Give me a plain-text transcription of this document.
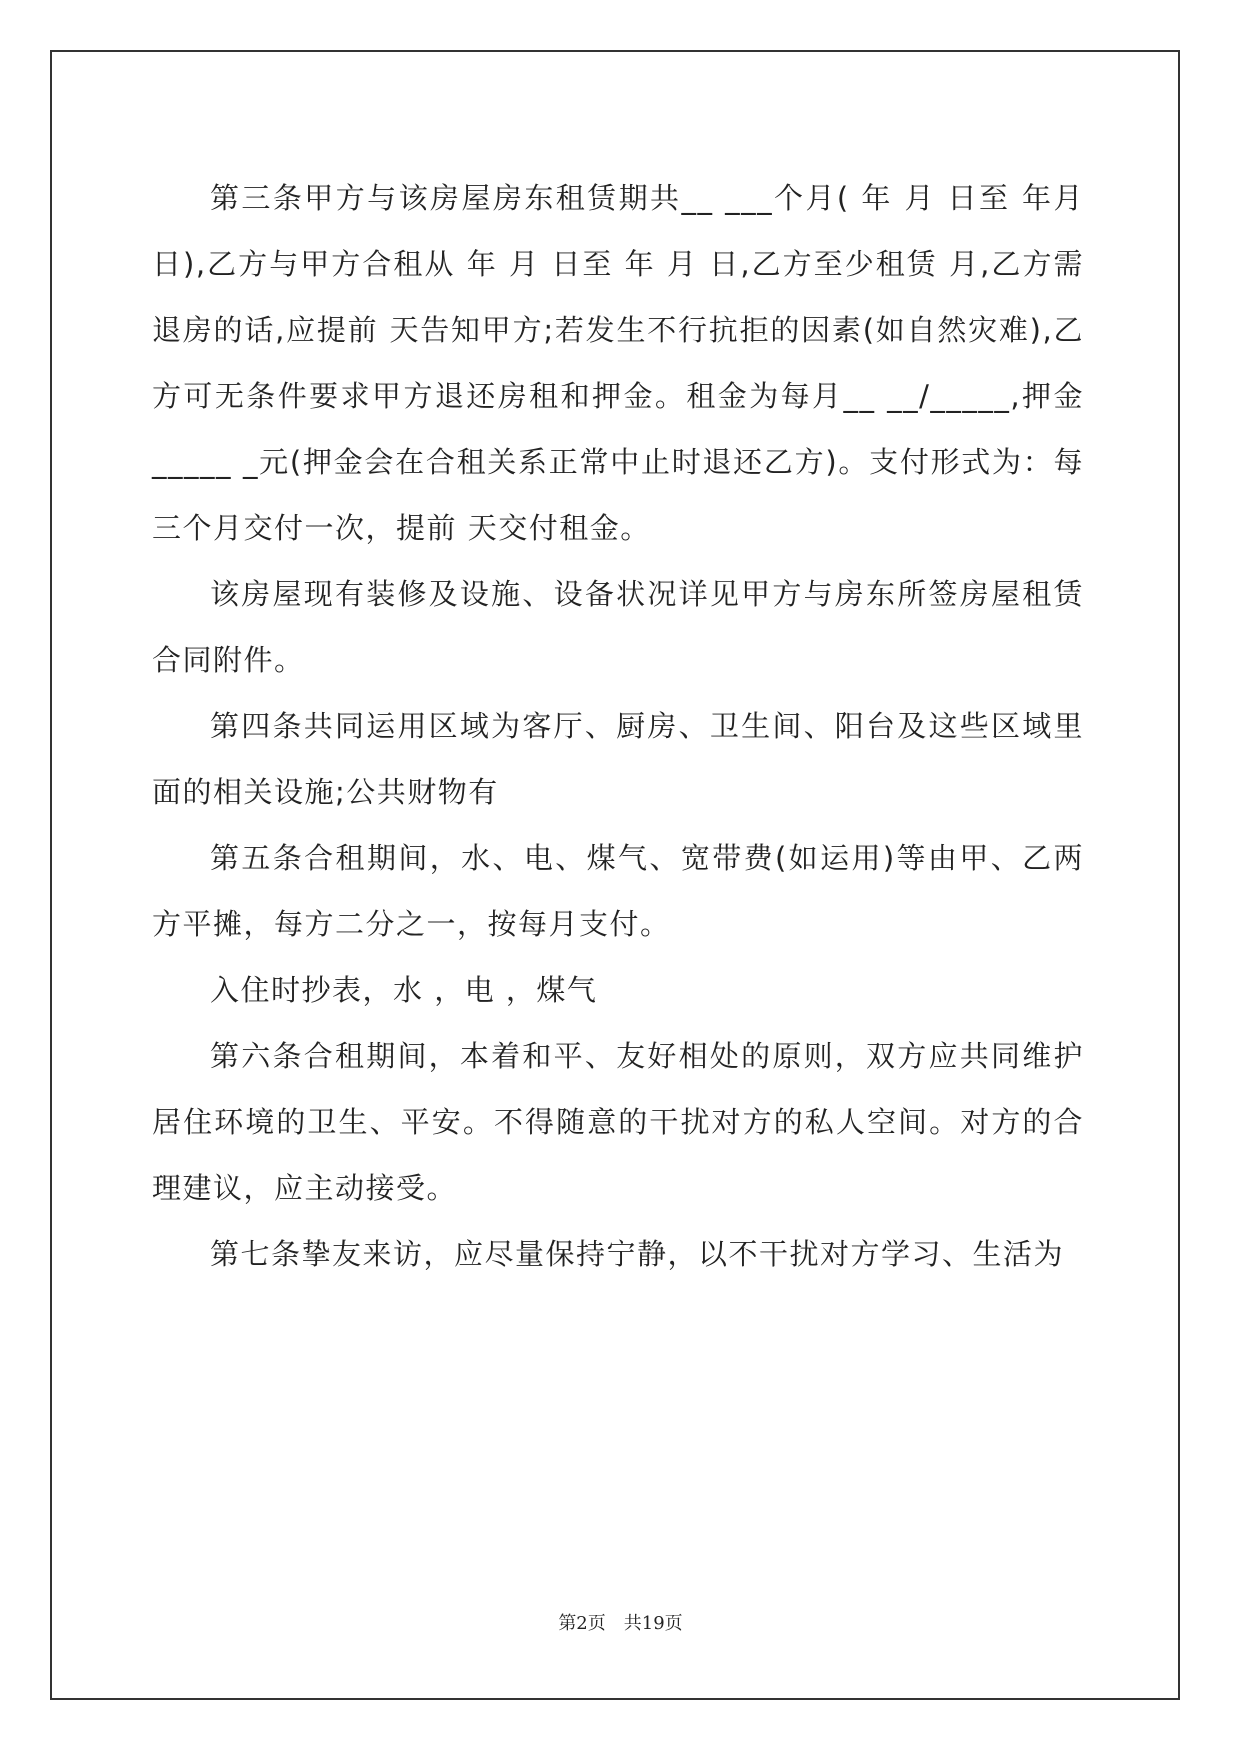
第三条甲方与该房屋房东租赁期共__ ___个月( 年 月 日至 年月 日),乙方与甲方合租从 年 月 日至 年 月 日,乙方至少租赁 月,乙方需退房的话,应提前 天告知甲方;若发生不行抗拒的因素(如自然灾难),乙方可无条件要求甲方退还房租和押金。租金为每月__ __/_____,押金_____ _元(押金会在合租关系正常中止时退还乙方)。支付形式为：每三个月交付一次，提前 天交付租金。

该房屋现有装修及设施、设备状况详见甲方与房东所签房屋租赁合同附件。

第四条共同运用区域为客厅、厨房、卫生间、阳台及这些区域里面的相关设施;公共财物有

第五条合租期间，水、电、煤气、宽带费(如运用)等由甲、乙两方平摊，每方二分之一，按每月支付。

入住时抄表，水 ，电 ，煤气

第六条合租期间，本着和平、友好相处的原则，双方应共同维护居住环境的卫生、平安。不得随意的干扰对方的私人空间。对方的合理建议，应主动接受。

第七条挚友来访，应尽量保持宁静，以不干扰对方学习、生活为

第2页　共19页
